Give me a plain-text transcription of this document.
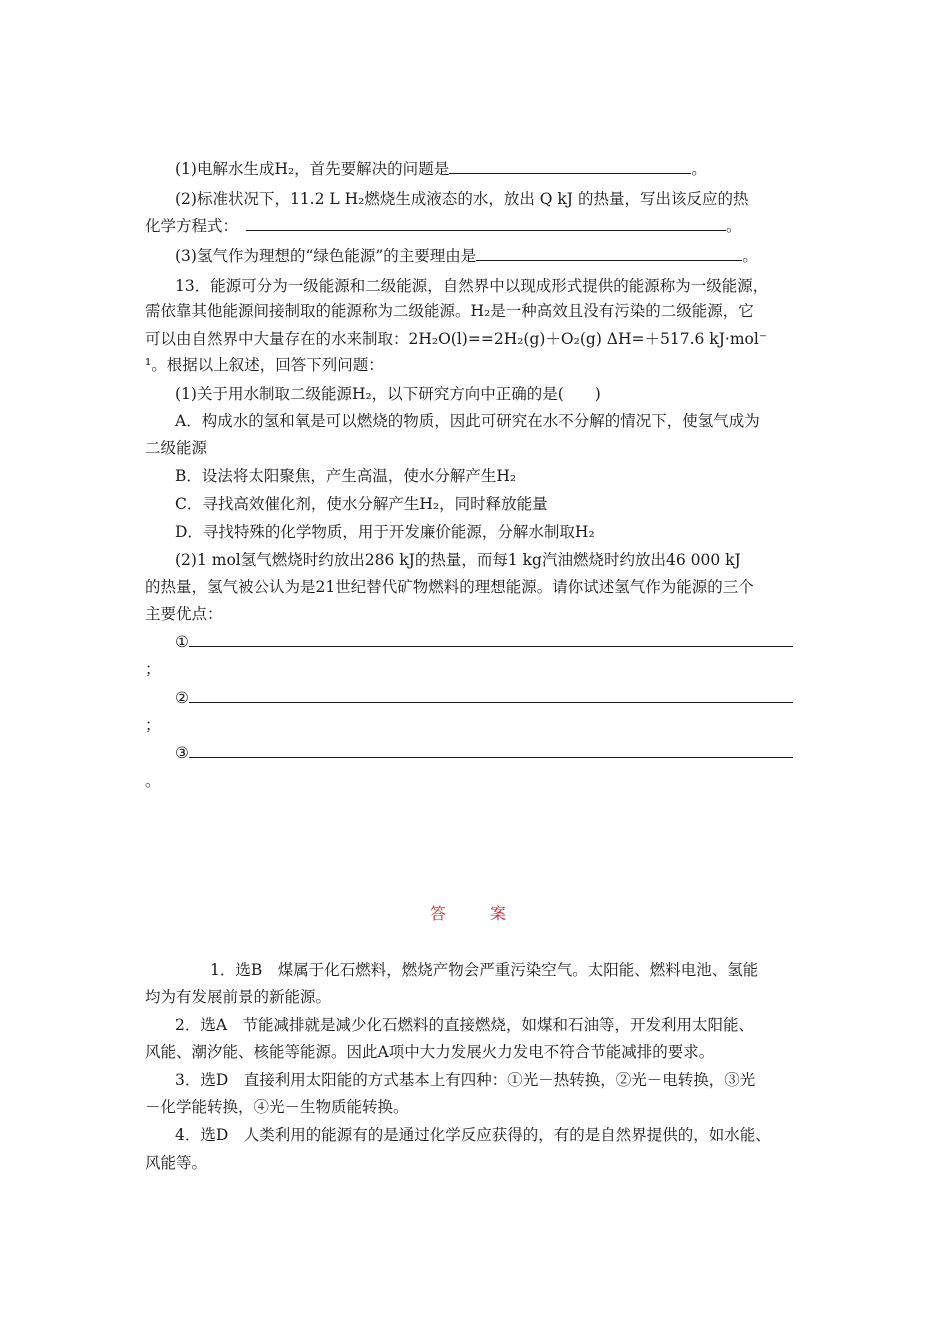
(1)电解水生成H₂，首先要解决的问题是	。
(2)标准状况下，11.2 L H₂燃烧生成液态的水，放出 Q kJ 的热量，写出该反应的热
化学方程式：	。
(3)氢气作为理想的“绿色能源”的主要理由是	。
13．能源可分为一级能源和二级能源，自然界中以现成形式提供的能源称为一级能源，
需依靠其他能源间接制取的能源称为二级能源。H₂是一种高效且没有污染的二级能源，它
可以由自然界中大量存在的水来制取：2H₂O(l)==2H₂(g)＋O₂(g) ΔH=＋517.6 kJ·mol⁻
¹。根据以上叙述，回答下列问题：
(1)关于用水制取二级能源H₂，以下研究方向中正确的是(　　)
A．构成水的氢和氧是可以燃烧的物质，因此可研究在水不分解的情况下，使氢气成为
二级能源
B．设法将太阳聚焦，产生高温，使水分解产生H₂
C．寻找高效催化剂，使水分解产生H₂，同时释放能量
D．寻找特殊的化学物质，用于开发廉价能源，分解水制取H₂
(2)1 mol氢气燃烧时约放出286 kJ的热量，而每1 kg汽油燃烧时约放出46 000 kJ
的热量，氢气被公认为是21世纪替代矿物燃料的理想能源。请你试述氢气作为能源的三个
主要优点：
①
；
②
；
③
。
答　案
1．选B　煤属于化石燃料，燃烧产物会严重污染空气。太阳能、燃料电池、氢能
均为有发展前景的新能源。
2．选A　节能减排就是减少化石燃料的直接燃烧，如煤和石油等，开发利用太阳能、
风能、潮汐能、核能等能源。因此A项中大力发展火力发电不符合节能减排的要求。
3．选D　直接利用太阳能的方式基本上有四种：①光－热转换，②光－电转换，③光
－化学能转换，④光－生物质能转换。
4．选D　人类利用的能源有的是通过化学反应获得的，有的是自然界提供的，如水能、
风能等。
